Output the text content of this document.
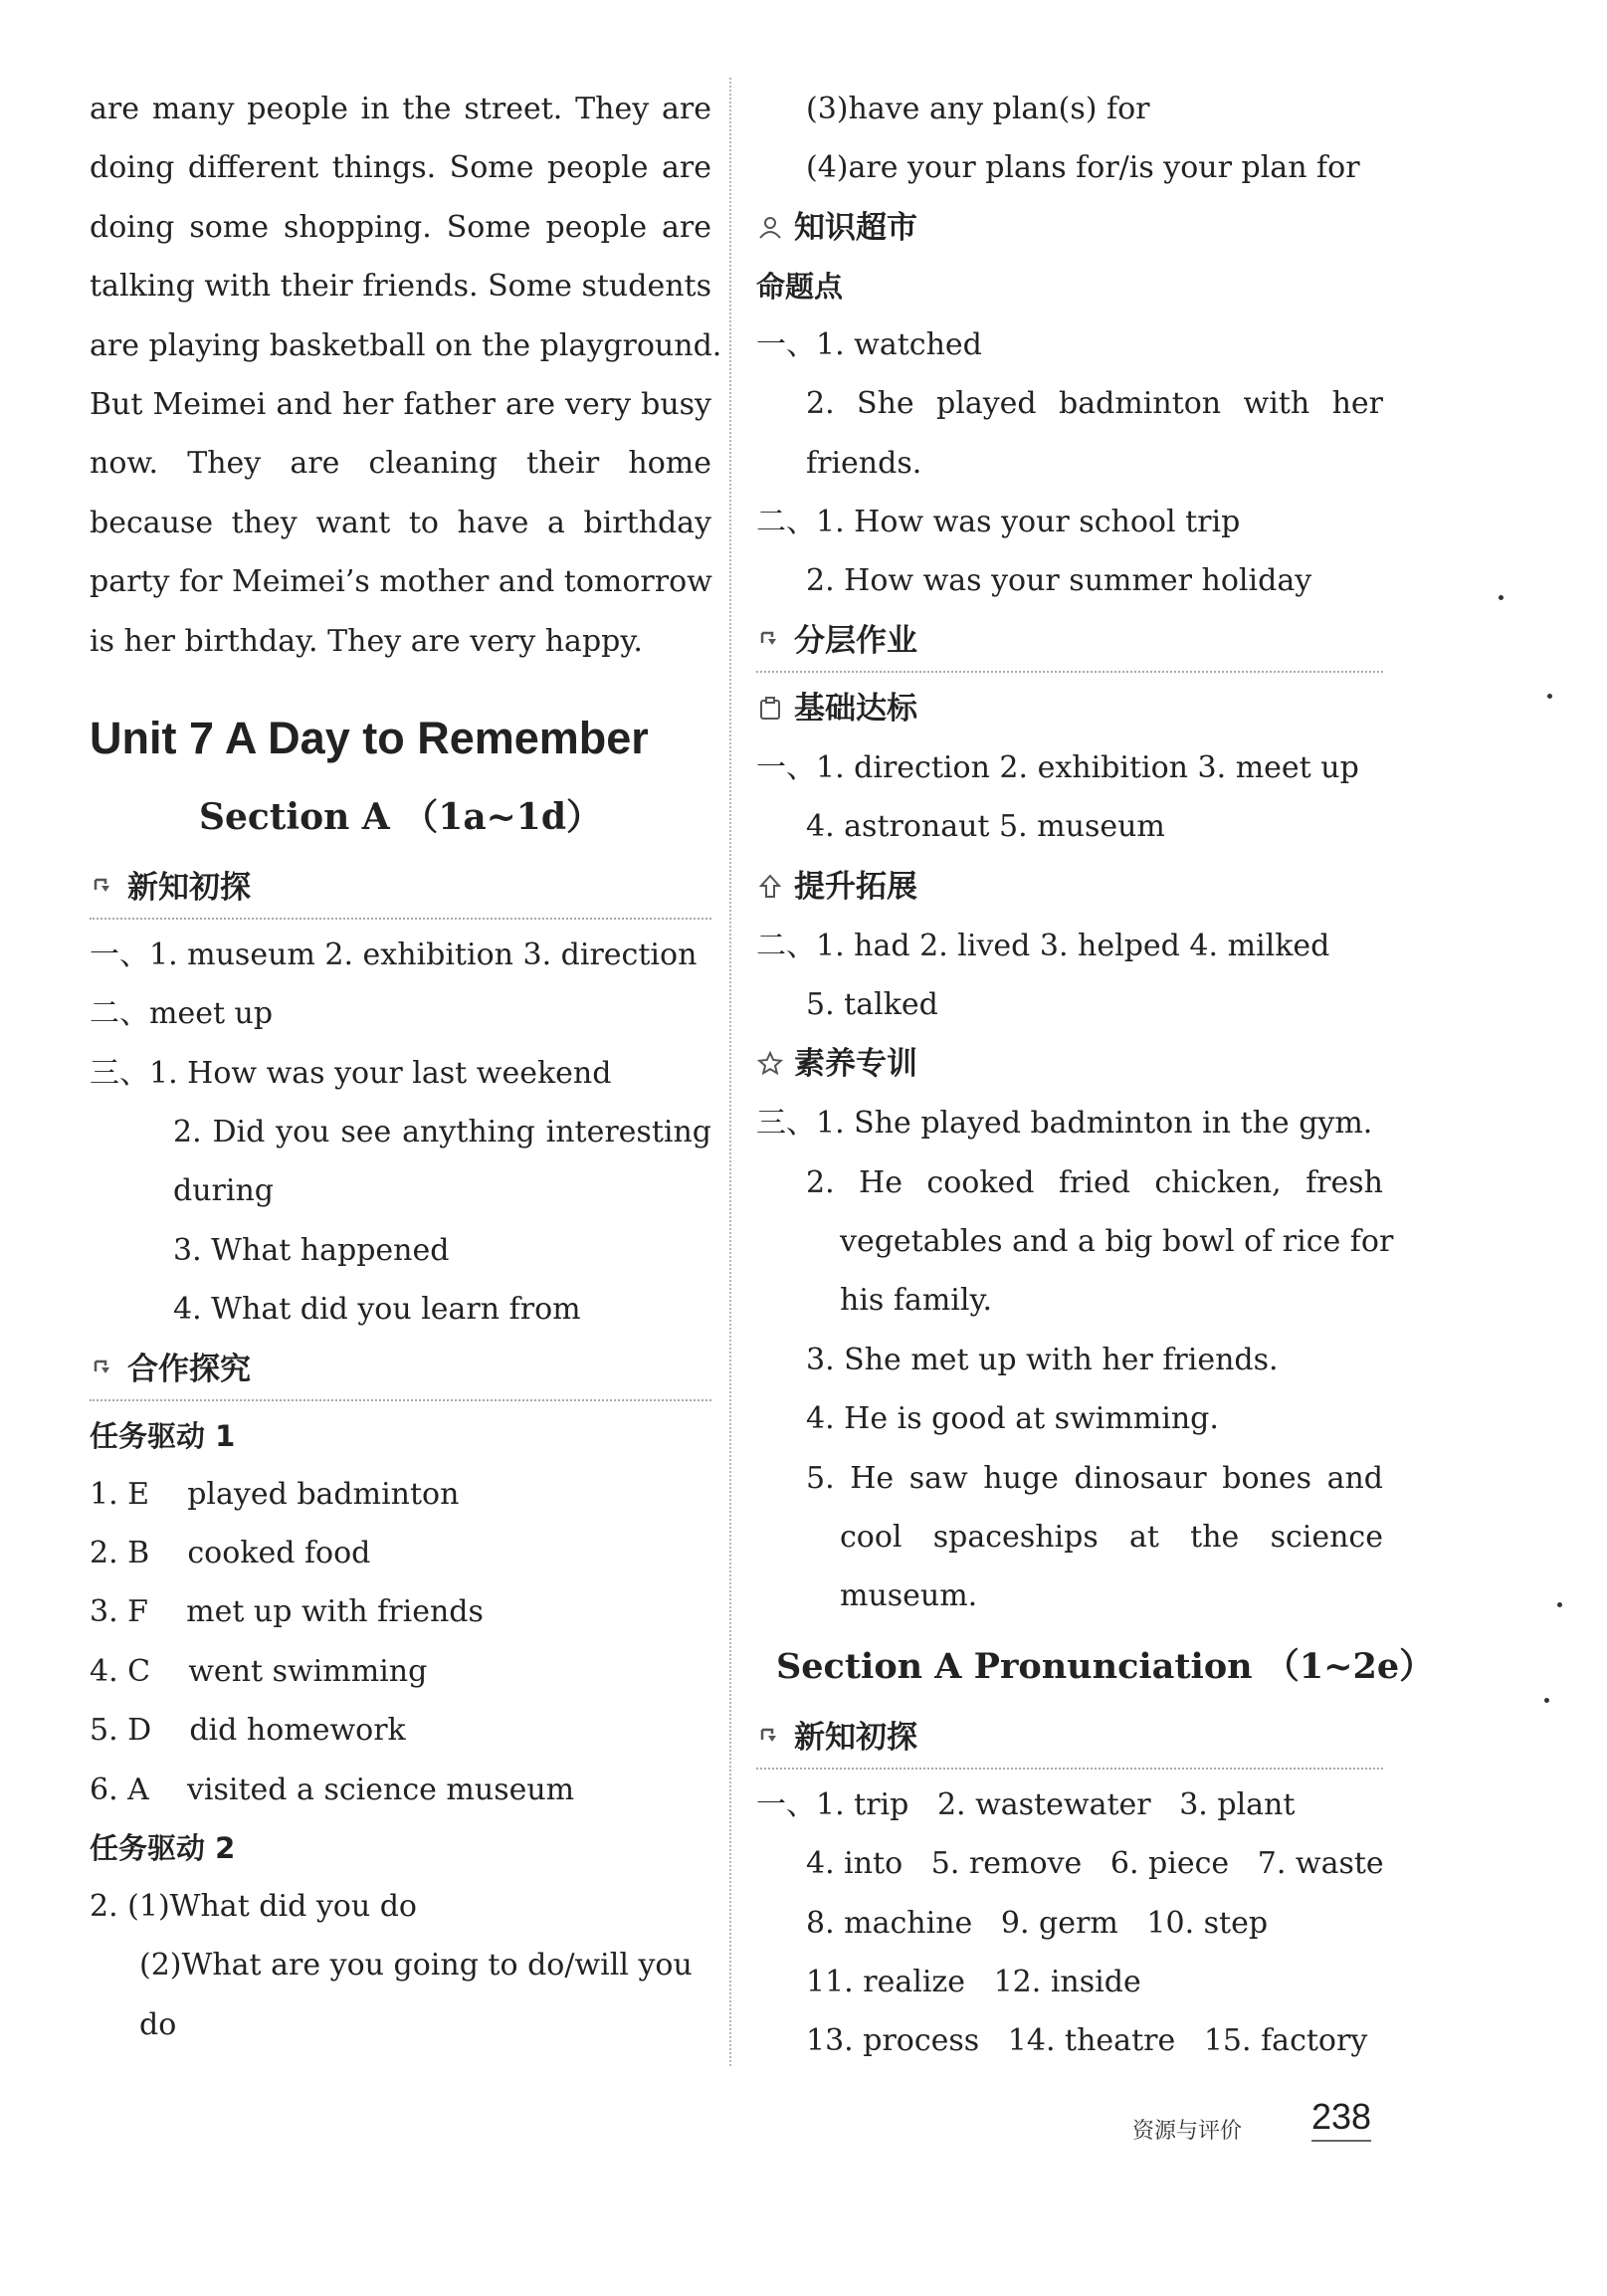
are many people in the street. They are

doing different things. Some people are

doing some shopping. Some people are

talking with their friends. Some students

are playing basketball on the playground.

But Meimei and her father are very busy

now. They are cleaning their home

because they want to have a birthday

party for Meimei’s mother and tomorrow

is her birthday. They are very happy.

Unit 7 A Day to Remember
Section A （1a~1d）
新知初探
一、1. museum 2. exhibition 3. direction
二、meet up
三、1. How was your last weekend
2. Did you see anything interesting
during
3. What happened
4. What did you learn from
合作探究
任务驱动 1
1. E    played badminton
2. B    cooked food
3. F    met up with friends
4. C    went swimming
5. D    did homework
6. A    visited a science museum
任务驱动 2
2. (1)What did you do
(2)What are you going to do/will you
do
(3)have any plan(s) for
(4)are your plans for/is your plan for
知识超市
命题点
一、1. watched
2. She played badminton with her
friends.
二、1. How was your school trip
2. How was your summer holiday
分层作业
基础达标
一、1. direction 2. exhibition 3. meet up
4. astronaut 5. museum
提升拓展
二、1. had 2. lived 3. helped 4. milked
5. talked
素养专训
三、1. She played badminton in the gym.
2. He cooked fried chicken, fresh
vegetables and a big bowl of rice for
his family.
3. She met up with her friends.
4. He is good at swimming.
5. He saw huge dinosaur bones and
cool spaceships at the science
museum.
Section A Pronunciation （1~2e）
新知初探
一、1. trip   2. wastewater   3. plant
4. into   5. remove   6. piece   7. waste
8. machine   9. germ   10. step
11. realize   12. inside
13. process   14. theatre   15. factory
资源与评价 238
